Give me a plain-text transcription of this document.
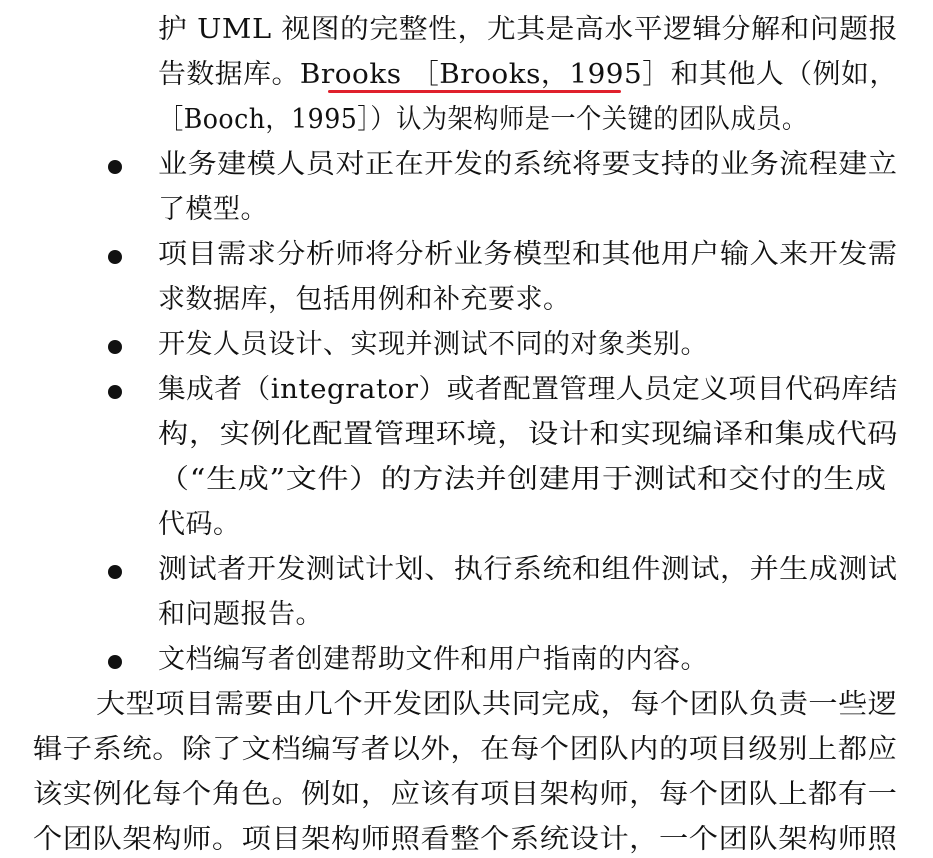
护 UML 视图的完整性，尤其是高水平逻辑分解和问题报
告数据库。Brooks ［Brooks，1995］和其他人（例如，
［Booch，1995］）认为架构师是一个关键的团队成员。
业务建模人员对正在开发的系统将要支持的业务流程建立
了模型。
项目需求分析师将分析业务模型和其他用户输入来开发需
求数据库，包括用例和补充要求。
开发人员设计、实现并测试不同的对象类别。
集成者（integrator）或者配置管理人员定义项目代码库结
构，实例化配置管理环境，设计和实现编译和集成代码
（“生成”文件）的方法并创建用于测试和交付的生成
代码。
测试者开发测试计划、执行系统和组件测试，并生成测试
和问题报告。
文档编写者创建帮助文件和用户指南的内容。
大型项目需要由几个开发团队共同完成，每个团队负责一些逻
辑子系统。除了文档编写者以外，在每个团队内的项目级别上都应
该实例化每个角色。例如，应该有项目架构师，每个团队上都有一
个团队架构师。项目架构师照看整个系统设计，一个团队架构师照
